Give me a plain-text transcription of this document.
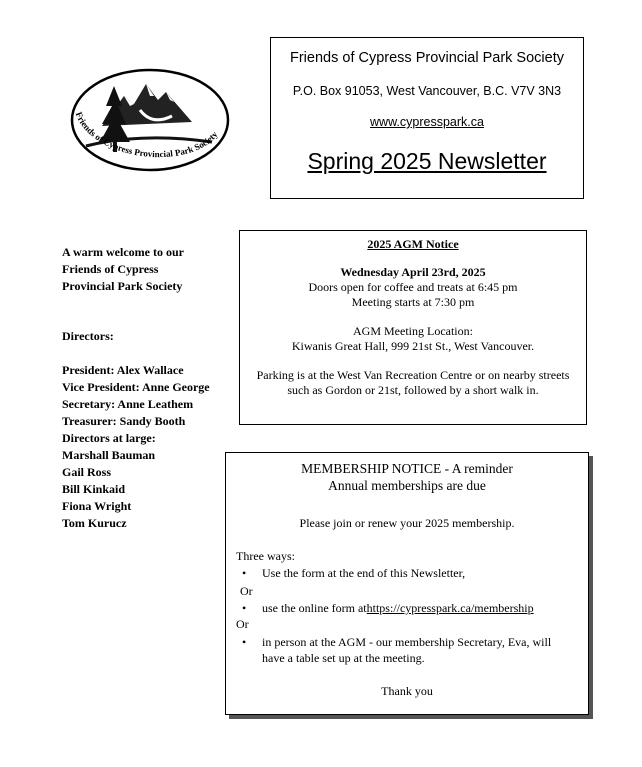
Friends of Cypress Provincial Park Society
Friends of Cypress Provincial Park Society
P.O. Box 91053, West Vancouver, B.C. V7V 3N3
www.cypresspark.ca
Spring 2025 Newsletter

A warm welcome to our
Friends of Cypress
Provincial Park Society

Directors:

President: Alex Wallace
Vice President: Anne George
Secretary: Anne Leathem
Treasurer: Sandy Booth
Directors at large:
Marshall Bauman
Gail Ross
Bill Kinkaid
Fiona Wright
Tom Kurucz
2025 AGM Notice
Wednesday April 23rd, 2025
Doors open for coffee and treats at 6:45 pm
Meeting starts at 7:30 pm
AGM Meeting Location:
Kiwanis Great Hall, 999 21st St., West Vancouver.
Parking is at the West Van Recreation Centre or on nearby streets such as Gordon or 21st, followed by a short walk in.
MEMBERSHIP NOTICE - A reminder
Annual memberships are due
Please join or renew your 2025 membership.
Three ways:
• Use the form at the end of this Newsletter,
Or
• use the online form athttps://cypresspark.ca/membership
Or
• in person at the AGM - our membership Secretary, Eva, will have a table set up at the meeting.
Thank you
